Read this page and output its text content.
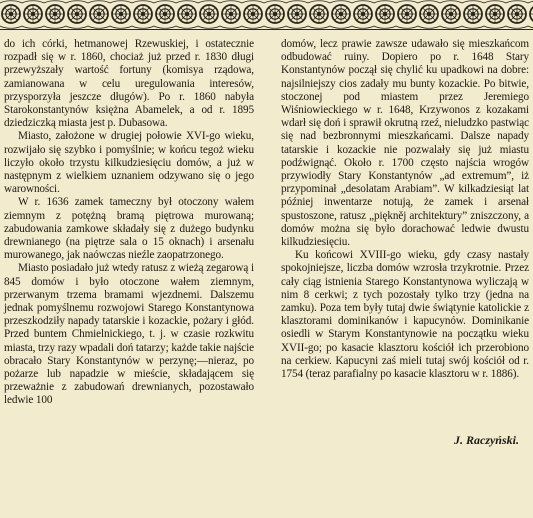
do ich córki, hetmanowej Rzewuskiej, i ostatecznie rozpadł się w r. 1860, chociaż już przed r. 1830 długi przewyższały wartość fortuny (komisya rządowa, zamianowana w celu uregulowania interesów, przysporzyła jeszcze długów). Po r. 1860 nabyła Starokonstantynów księżna Abamelek, a od r. 1895 dziedziczką miasta jest p. Dubasowa.

Miasto, założone w drugiej połowie XVI-go wieku, rozwijało się szybko i pomyślnie; w końcu tegoż wieku liczyło około trzystu kilkudziesięciu domów, a już w następnym z wielkiem uznaniem odzywano się o jego warowności.

W r. 1636 zamek tameczny był otoczony wałem ziemnym z potężną bramą piętrowa murowaną; zabudowania zamkowe składały się z dużego budynku drewnianego (na piętrze sala o 15 oknach) i arsenału murowanego, jak naówczas nieźle zaopatrzonego.

Miasto posiadało już wtedy ratusz z wieżą zegarową i 845 domów i było otoczone wałem ziemnym, przerwanym trzema bramami wjezdnemi. Dalszemu jednak pomyślnemu rozwojowi Starego Konstantynowa przeszkodziły napady tatarskie i kozackie, pożary i głód. Przed buntem Chmielnickiego, t. j. w czasie rozkwitu miasta, trzy razy wpadali doń tatarzy; każde takie najście obracało Stary Konstantynów w perzynę;—nieraz, po pożarze lub napadzie w mieście, składającem się przeważnie z zabudowań drewnianych, pozostawało ledwie 100

domów, lecz prawie zawsze udawało się mieszkańcom odbudować ruiny. Dopiero po r. 1648 Stary Konstantynów począł się chylić ku upadkowi na dobre: najsilniejszy cios zadały mu bunty kozackie. Po bitwie, stoczonej pod miastem przez Jeremiego Wiśniowieckiego w r. 1648, Krzywonos z kozakami wdarł się doń i sprawił okrutną rzeź, nieludzko pastwiąc się nad bezbronnymi mieszkańcami. Dalsze napady tatarskie i kozackie nie pozwalały się już miastu podźwignąć. Około r. 1700 często najścia wrogów przywiodły Stary Konstantynów „ad extremum”, iż przypominał „desolatam Arabiam”. W kilkadziesiąt lat później inwentarze notują, że zamek i arsenał spustoszone, ratusz „piękněj architektury” zniszczony, a domów można się było dorachować ledwie dwustu kilkudziesięciu.

Ku końcowi XVIII-go wieku, gdy czasy nastały spokojniejsze, liczba domów wzrosła trzykrotnie. Przez cały ciąg istnienia Starego Konstantynowa wyliczają w nim 8 cerkwi; z tych pozostały tylko trzy (jedna na zamku). Poza tem były tutaj dwie świątynie katolickie z klasztorami dominikanów i kapucynów. Dominikanie osiedli w Starym Konstantynowie na początku wieku XVII-go; po kasacie klasztoru kościół ich przerobiono na cerkiew. Kapucyni zaś mieli tutaj swój kościół od r. 1754 (teraz parafialny po kasacie klasztoru w r. 1886).

J. Raczyński.
